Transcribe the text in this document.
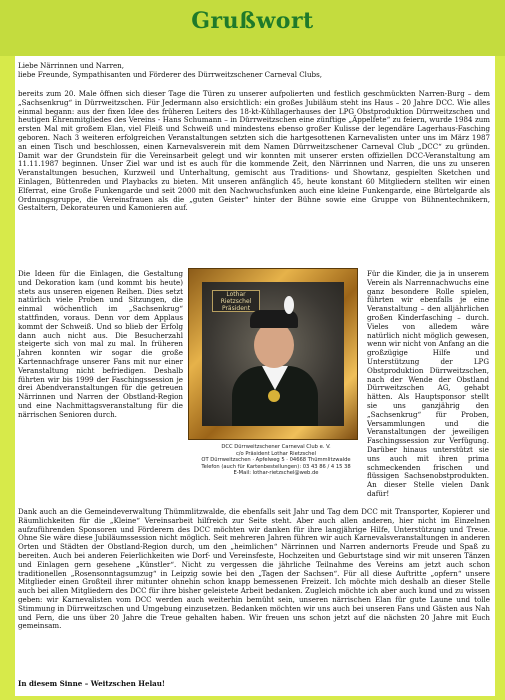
Grußwort
Liebe Närrinnen und Narren,
liebe Freunde, Sympathisanten und Förderer des Dürrweitzschener Carneval Clubs,

bereits zum 20. Male öffnen sich dieser Tage die Türen zu unserer aufpolierten und festlich geschmückten Narren-Burg – dem „Sachsenkrug“ in Dürrweitzschen. Für Jedermann also ersichtlich: ein großes Jubiläum steht ins Haus – 20 Jahre DCC. Wie alles einmal begann: aus der fixen Idee des früheren Leiters des 18-kt-Kühllagerhauses der LPG Obstproduktion Dürrweitzschen und heutigen Ehrenmitgliedes des Vereins - Hans Schumann – in Dürrweitzschen eine zünftige „Äppelfete“ zu feiern, wurde 1984 zum ersten Mal mit großem Elan, viel Fleiß und Schweiß und mindestens ebenso großer Kulisse der legendäre Lagerhaus-Fasching geboren. Nach 3 weiteren erfolgreichen Veranstaltungen setzten sich die hartgesottenen Karnevalisten unter uns im März 1987 an einen Tisch und beschlossen, einen Karnevalsverein mit dem Namen Dürrweitzschener Carneval Club „DCC“ zu gründen. Damit war der Grundstein für die Vereinsarbeit gelegt und wir konnten mit unserer ersten offiziellen DCC-Veranstaltung am 11.11.1987 beginnen. Unser Ziel war und ist es auch für die kommende Zeit, den Närrinnen und Narren, die uns zu unseren Veranstaltungen besuchen, Kurzweil und Unterhaltung, gemischt aus Traditions- und Showtanz, gespielten Sketchen und Einlagen, Büttenreden und Playbacks zu bieten. Mit unseren anfänglich 45, heute konstant 60 Mitgliedern stellten wir einen Elferrat, eine Große Funkengarde und seit 2000 mit den Nachwuchsfunken auch eine kleine Funkengarde, eine Bürtelgarde als Ordnungsgruppe, die Vereinsfrauen als die „guten Geister“ hinter der Bühne sowie eine Gruppe von Bühnentechnikern, Gestaltern, Dekorateuren und Kamonieren auf.

Die Ideen für die Einlagen, die Gestaltung und Dekoration kam (und kommt bis heute) stets aus unseren eigenen Reihen. Dies setzt natürlich viele Proben und Sitzungen, die einmal wöchentlich im „Sachsenkrug“ stattfinden, voraus. Denn vor dem Applaus kommt der Schweiß. Und so blieb der Erfolg dann auch nicht aus. Die Besucherzahl steigerte sich von mal zu mal. In früheren Jahren konnten wir sogar die große Kartennachfrage unserer Fans mit nur einer Veranstaltung nicht befriedigen. Deshalb führten wir bis 1999 der Faschingssession je drei Abendveranstaltungen für die getreuen Närrinnen und Narren der Obstland-Region und eine Nachmittagsveranstaltung für die närrischen Senioren durch.

Lothar
Rietzschel
Präsident
DCC Dürrweitzschener Carneval Club e. V.
c/o Präsident Lothar Rietzschel
OT Dürrweitzschen · Apfelweg 5 · 04668 Thümmlitzwalde
Telefon (auch für Kartenbestellungen): 03 43 86 / 4 15 38
E-Mail: lothar-rietzschel@web.de

Für die Kinder, die ja in unserem Verein als Narrennachwuchs eine ganz besondere Rolle spielen, führten wir ebenfalls je eine Veranstaltung – den alljährlichen großen Kinderfasching – durch. Vieles von alledem wäre natürlich nicht möglich gewesen, wenn wir nicht von Anfang an die großzügige Hilfe und Unterstützung der LPG Obstproduktion Dürrweitzschen, nach der Wende der Obstland Dürrweitzschen AG, gehabt hätten. Als Hauptsponsor stellt sie uns ganzjährig den „Sachsenkrug“ für Proben, Versammlungen und die Veranstaltungen der jeweiligen Faschingssession zur Verfügung. Darüber hinaus unterstützt sie uns auch mit ihren prima schmeckenden frischen und flüssigen Sachsenobstprodukten. An dieser Stelle vielen Dank dafür!

Dank auch an die Gemeindeverwaltung Thümmlitzwalde, die ebenfalls seit Jahr und Tag dem DCC mit Transporter, Kopierer und Räumlichkeiten für die „Kleine“ Vereinsarbeit hilfreich zur Seite steht. Aber auch allen anderen, hier nicht im Einzelnen aufzuführenden Sponsoren und Förderern des DCC möchten wir danken für ihre langjährige Hilfe, Unterstützung und Treue. Ohne Sie wäre diese Jubiläumssession nicht möglich. Seit mehreren Jahren führen wir auch Karnevalsveranstaltungen in anderen Orten und Städten der Obstland-Region durch, um den „heimlichen“ Närrinnen und Narren andernorts Freude und Spaß zu bereiten. Auch bei anderen Feierlichkeiten wie Dorf- und Vereinsfeste, Hochzeiten und Geburtstage sind wir mit unseren Tänzen und Einlagen gern gesehene „Künstler“. Nicht zu vergessen die jährliche Teilnahme des Vereins am jetzt auch schon traditionellen „Rosensonntagsumzug“ in Leipzig sowie bei den „Tagen der Sachsen“. Für all diese Auftritte „opfern“ unsere Mitglieder einen Großteil ihrer mitunter ohnehin schon knapp bemessenen Freizeit. Ich möchte mich deshalb an dieser Stelle auch bei allen Mitgliedern des DCC für ihre bisher geleistete Arbeit bedanken. Zugleich möchte ich aber auch kund und zu wissen geben: wir Karnevalisten vom DCC werden auch weiterhin bemüht sein, unseren närrischen Elan für gute Laune und tolle Stimmung in Dürrweitzschen und Umgebung einzusetzen. Bedanken möchten wir uns auch bei unseren Fans und Gästen aus Nah und Fern, die uns über 20 Jahre die Treue gehalten haben. Wir freuen uns schon jetzt auf die nächsten 20 Jahre mit Euch gemeinsam.

In diesem Sinne – Weitzschen Helau!
